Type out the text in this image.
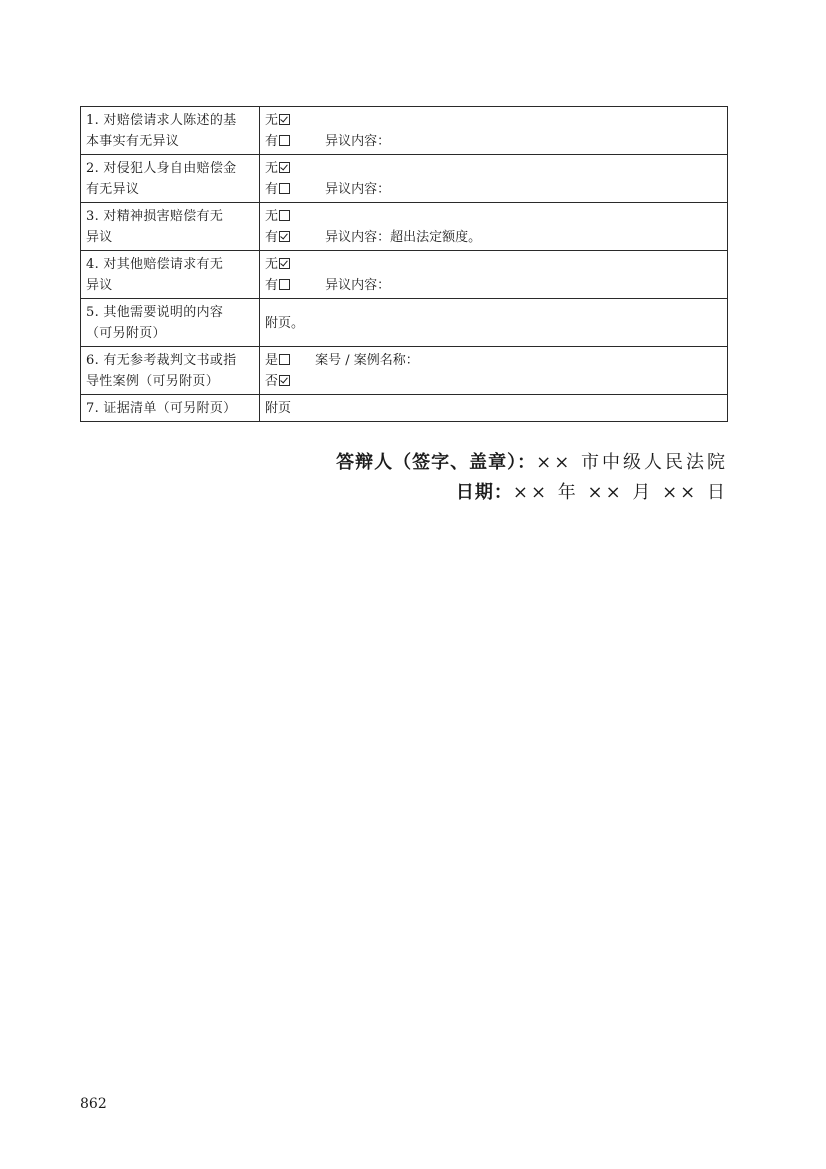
1. 对赔偿请求人陈述的基
本事实有无异议	无
有 异议内容：

2. 对侵犯人身自由赔偿金
有无异议	无
有 异议内容：

3. 对精神损害赔偿有无
异议	无
有 异议内容：超出法定额度。

4. 对其他赔偿请求有无
异议	无
有 异议内容：

5. 其他需要说明的内容
（可另附页）	附页。

6. 有无参考裁判文书或指
导性案例（可另附页）	是 案号 / 案例名称：
否

7. 证据清单（可另附页）	附页
答辩人（签字、盖章）：×× 市中级人民法院
日期：×× 年 ×× 月 ×× 日
862
